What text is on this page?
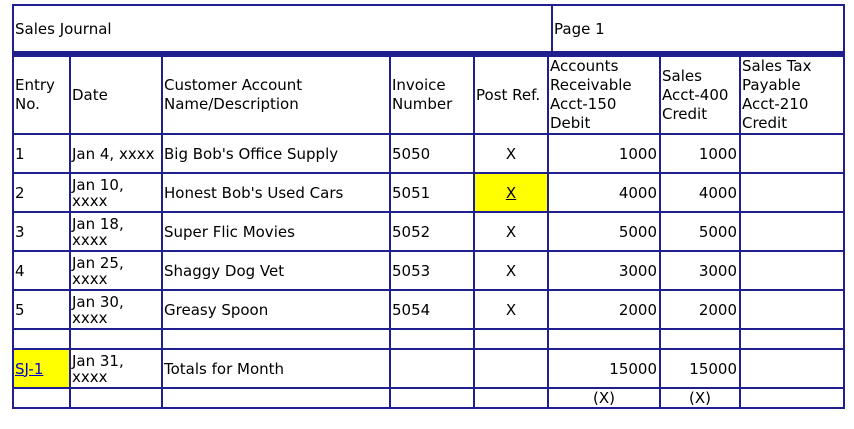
Sales Journal	Page 1
Entry No.	Date	Customer Account Name/Description	Invoice Number	Post Ref.	Accounts Receivable Acct-150 Debit	Sales Acct-400 Credit	Sales Tax Payable Acct-210 Credit
1	Jan 4, xxxx	Big Bob's Office Supply	5050	X	1000	1000	
2	Jan 10, xxxx	Honest Bob's Used Cars	5051	X	4000	4000	
3	Jan 18, xxxx	Super Flic Movies	5052	X	5000	5000	
4	Jan 25, xxxx	Shaggy Dog Vet	5053	X	3000	3000	
5	Jan 30, xxxx	Greasy Spoon	5054	X	2000	2000	

SJ-1	Jan 31, xxxx	Totals for Month			15000	15000	
					(X)	(X)	
